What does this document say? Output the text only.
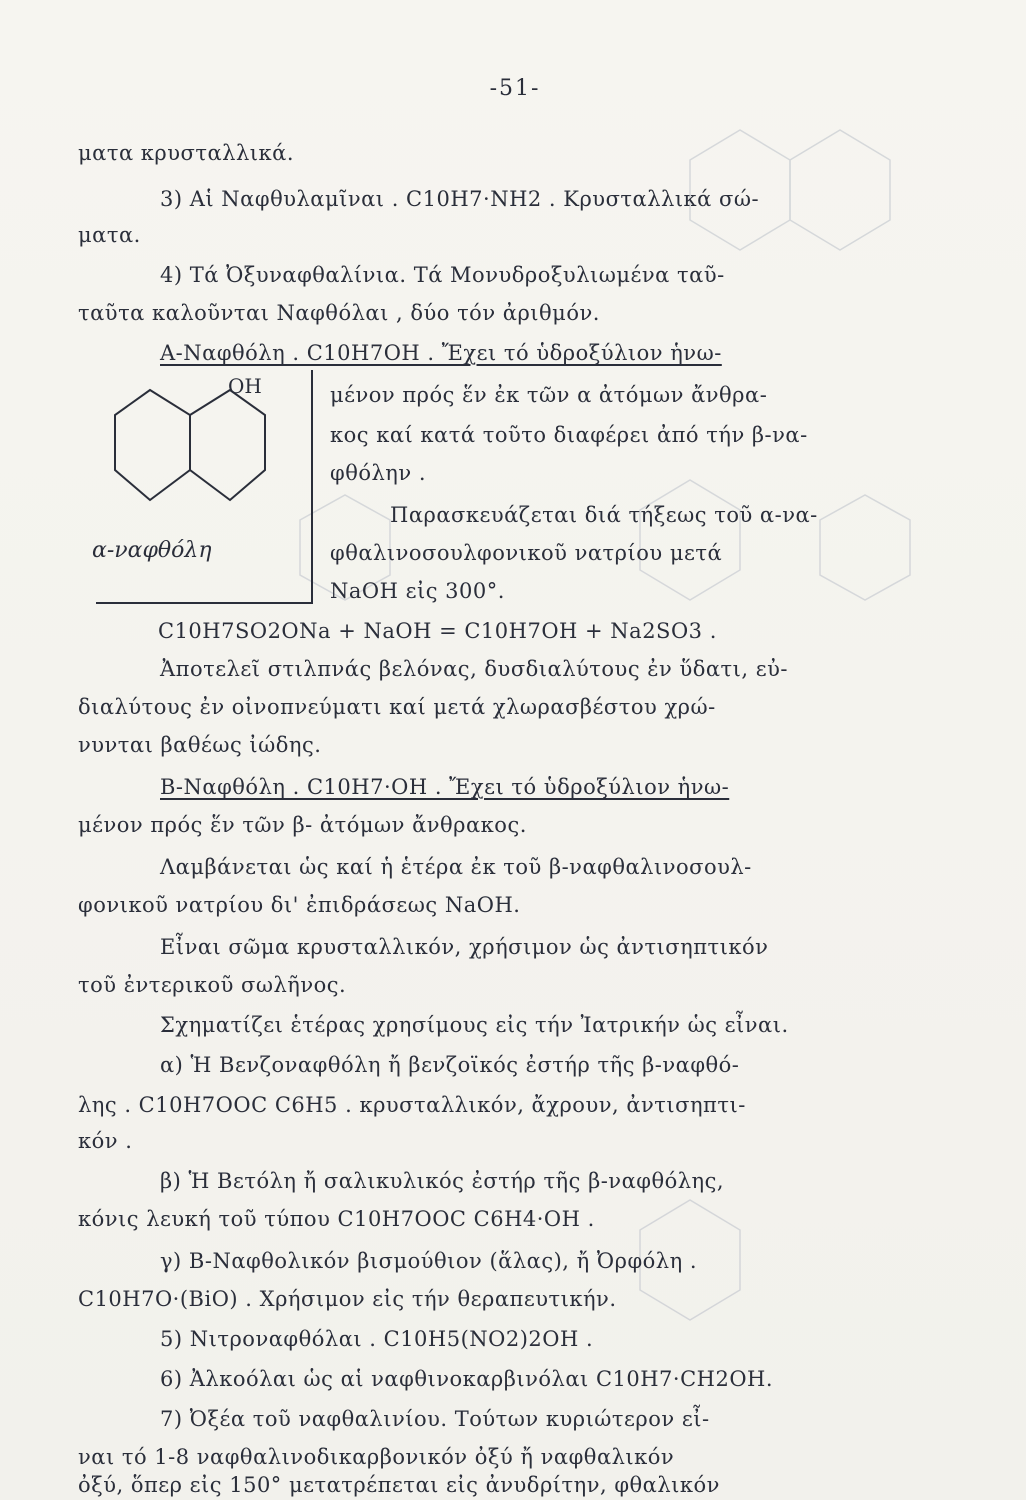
-51-
OH
α-ναφθόλη
ματα κρυσταλλικά.
3) Αἱ Ναφθυλαμῖναι . C10H7·NH2 . Κρυσταλλικά σώ-
ματα.
4) Τά Ὀξυναφθαλίνια. Τά Μονυδροξυλιωμένα ταῦ-
ταῦτα καλοῦνται Ναφθόλαι , δύο τόν ἀριθμόν.
Α-Ναφθόλη . C10H7OH . Ἔχει τό ὑδροξύλιον ἡνω-
μένον πρός ἕν ἐκ τῶν α ἀτόμων ἄνθρα-
κος καί κατά τοῦτο διαφέρει ἀπό τήν β-να-
φθόλην .
Παρασκευάζεται διά τήξεως τοῦ α-να-
φθαλινοσουλφονικοῦ νατρίου μετά
NaOH εἰς 300°.
C10H7SO2ONa + NaOH = C10H7OH + Na2SO3 .
Ἀποτελεῖ στιλπνάς βελόνας, δυσδιαλύτους ἐν ὕδατι, εὐ-
διαλύτους ἐν οἰνοπνεύματι καί μετά χλωρασβέστου χρώ-
νυνται βαθέως ἰώδης.
Β-Ναφθόλη . C10H7·OH . Ἔχει τό ὑδροξύλιον ἡνω-
μένον πρός ἕν τῶν β- ἀτόμων ἄνθρακος.
Λαμβάνεται ὡς καί ἡ ἑτέρα ἐκ τοῦ β-ναφθαλινοσουλ-
φονικοῦ νατρίου δι' ἐπιδράσεως NaOH.
Εἶναι σῶμα κρυσταλλικόν, χρήσιμον ὡς ἀντισηπτικόν
τοῦ ἐντερικοῦ σωλῆνος.
Σχηματίζει ἑτέρας χρησίμους εἰς τήν Ἰατρικήν ὡς εἶναι.
α) Ἡ Βενζοναφθόλη ἤ βενζοϊκός ἐστήρ τῆς β-ναφθό-
λης . C10H7OOC C6H5 . κρυσταλλικόν, ἄχρουν, ἀντισηπτι-
κόν .
β) Ἡ Βετόλη ἤ σαλικυλικός ἐστήρ τῆς β-ναφθόλης,
κόνις λευκή τοῦ τύπου C10H7OOC C6H4·OH .
γ) Β-Ναφθολικόν βισμούθιον (ἅλας), ἤ Ὀρφόλη .
C10H7O·(BiO) . Χρήσιμον εἰς τήν θεραπευτικήν.
5) Νιτροναφθόλαι . C10H5(NO2)2OH .
6) Ἀλκοόλαι ὡς αἱ ναφθινοκαρβινόλαι C10H7·CH2OH.
7) Ὀξέα τοῦ ναφθαλινίου. Τούτων κυριώτερον εἶ-
ναι τό 1-8 ναφθαλινοδικαρβονικόν ὀξύ ἤ ναφθαλικόν
ὀξύ, ὅπερ εἰς 150° μετατρέπεται εἰς ἀνυδρίτην, φθαλικόν
